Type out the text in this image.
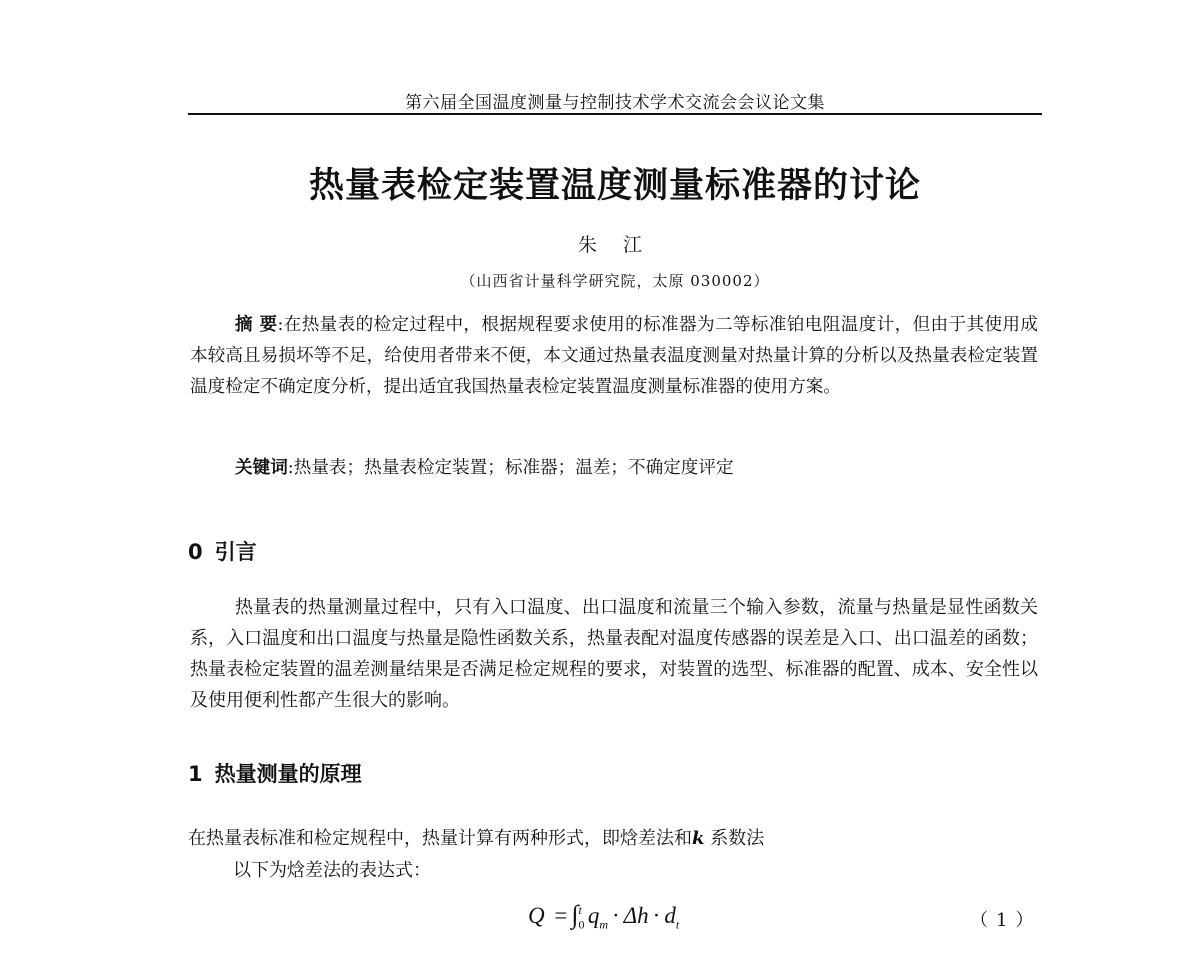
第六届全国温度测量与控制技术学术交流会会议论文集
热量表检定装置温度测量标准器的讨论
朱 江
（山西省计量科学研究院，太原 030002）

摘 要:在热量表的检定过程中，根据规程要求使用的标准器为二等标准铂电阻温度计，但由于其使用成本较高且易损坏等不足，给使用者带来不便，本文通过热量表温度测量对热量计算的分析以及热量表检定装置温度检定不确定度分析，提出适宜我国热量表检定装置温度测量标准器的使用方案。

关键词:热量表；热量表检定装置；标准器；温差；不确定度评定

0 引言

热量表的热量测量过程中，只有入口温度、出口温度和流量三个输入参数，流量与热量是显性函数关系，入口温度和出口温度与热量是隐性函数关系，热量表配对温度传感器的误差是入口、出口温差的函数；热量表检定装置的温差测量结果是否满足检定规程的要求，对装置的选型、标准器的配置、成本、安全性以及使用便利性都产生很大的影响。

1 热量测量的原理

在热量表标准和检定规程中，热量计算有两种形式，即焓差法和k 系数法

以下为焓差法的表达式：

$Q = \int_0^t$ $q_m \cdot \Delta h \cdot d_t$	（1）
